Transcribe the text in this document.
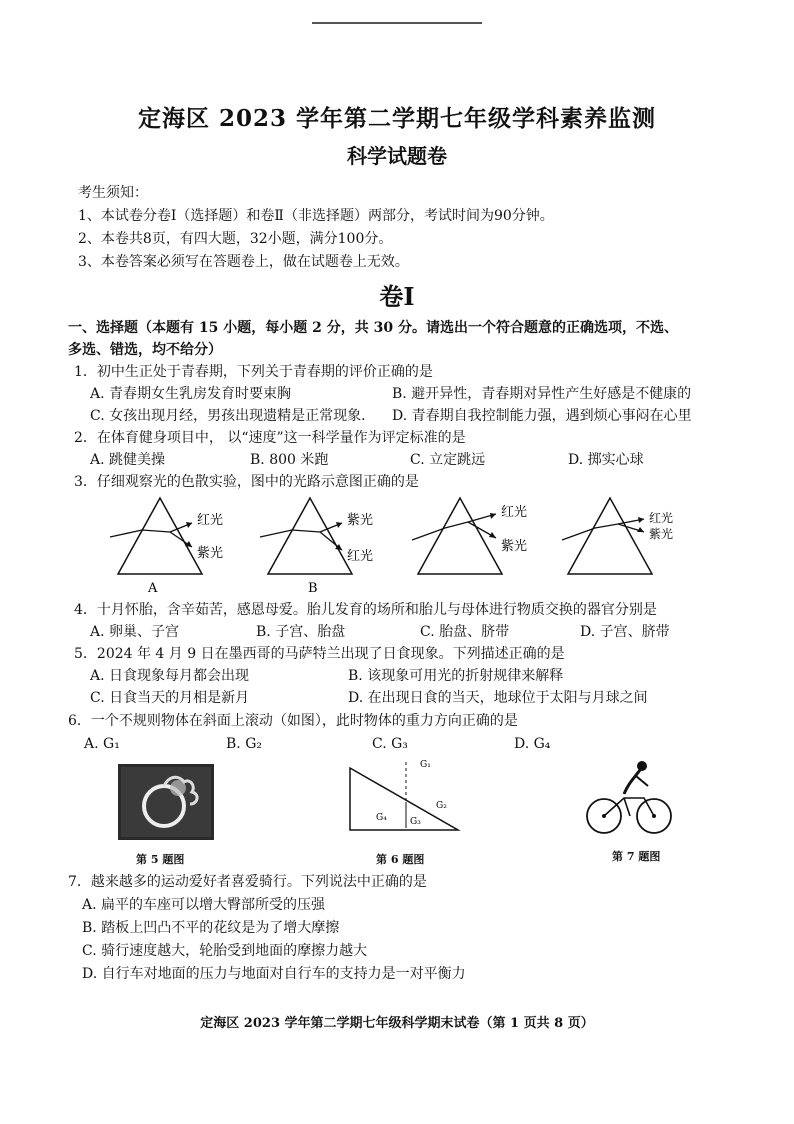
定海区 2023 学年第二学期七年级学科素养监测
科学试题卷
考生须知：
1、本试卷分卷Ⅰ（选择题）和卷Ⅱ（非选择题）两部分，考试时间为90分钟。
2、本卷共8页，有四大题，32小题，满分100分。
3、本卷答案必须写在答题卷上，做在试题卷上无效。
卷Ⅰ
一、选择题（本题有 15 小题，每小题 2 分，共 30 分。请选出一个符合题意的正确选项，不选、
多选、错选，均不给分）
1．初中生正处于青春期，下列关于青春期的评价正确的是
A. 青春期女生乳房发育时要束胸	B. 避开异性，青春期对异性产生好感是不健康的
C. 女孩出现月经，男孩出现遗精是正常现象． D. 青春期自我控制能力强，遇到烦心事闷在心里
2．在体育健身项目中， 以“速度”这一科学量作为评定标准的是
A. 跳健美操	B. 800 米跑	C. 立定跳远	D. 掷实心球
3．仔细观察光的色散实验，图中的光路示意图正确的是
红光
紫光
A
紫光
红光
B
红光
紫光
红光
紫光
4．十月怀胎，含辛茹苦，感恩母爱。胎儿发育的场所和胎儿与母体进行物质交换的器官分别是
A. 卵巢、子宫	B. 子宫、胎盘	C. 胎盘、脐带	D. 子宫、脐带
5．2024 年 4 月 9 日在墨西哥的马萨特兰出现了日食现象。下列描述正确的是
A. 日食现象每月都会出现	B. 该现象可用光的折射规律来解释
C. 日食当天的月相是新月	D. 在出现日食的当天，地球位于太阳与月球之间
6．一个不规则物体在斜面上滚动（如图），此时物体的重力方向正确的是
A. G₁	B. G₂	C. G₃	D. G₄
第 5 题图
G₁
G₂
G₃
G₄
第 6 题图	第 7 题图
7．越来越多的运动爱好者喜爱骑行。下列说法中正确的是
A. 扁平的车座可以增大臀部所受的压强
B. 踏板上凹凸不平的花纹是为了增大摩擦
C. 骑行速度越大，轮胎受到地面的摩擦力越大
D. 自行车对地面的压力与地面对自行车的支持力是一对平衡力
定海区 2023 学年第二学期七年级科学期末试卷（第 1 页共 8 页）
